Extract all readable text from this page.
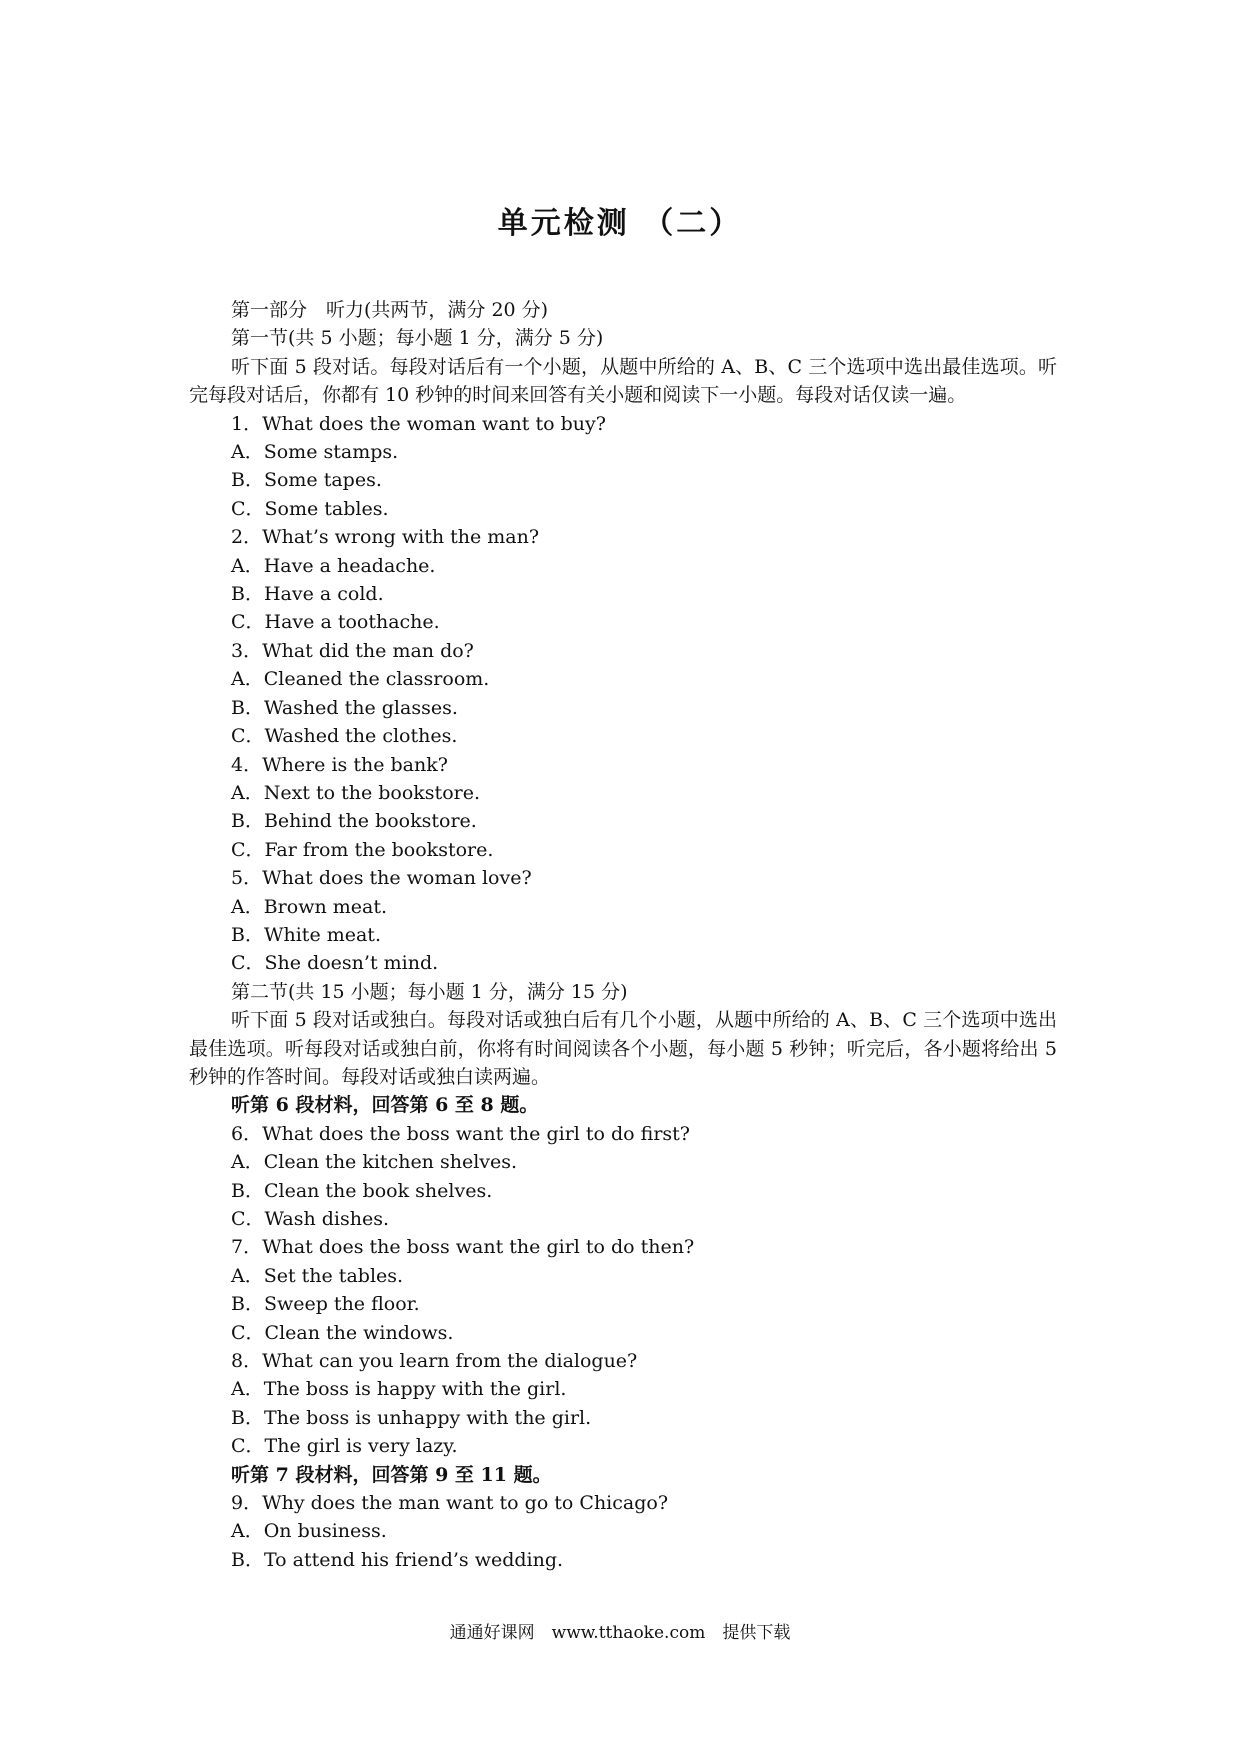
单元检测 （二）
第一部分　听力(共两节，满分 20 分)
第一节(共 5 小题；每小题 1 分，满分 5 分)
听下面 5 段对话。每段对话后有一个小题，从题中所给的 A、B、C 三个选项中选出最佳选项。听完每段对话后，你都有 10 秒钟的时间来回答有关小题和阅读下一小题。每段对话仅读一遍。
1．What does the woman want to buy?
A．Some stamps.
B．Some tapes.
C．Some tables.
2．What’s wrong with the man?
A．Have a headache.
B．Have a cold.
C．Have a toothache.
3．What did the man do?
A．Cleaned the classroom.
B．Washed the glasses.
C．Washed the clothes.
4．Where is the bank?
A．Next to the bookstore.
B．Behind the bookstore.
C．Far from the bookstore.
5．What does the woman love?
A．Brown meat.
B．White meat.
C．She doesn’t mind.
第二节(共 15 小题；每小题 1 分，满分 15 分)
听下面 5 段对话或独白。每段对话或独白后有几个小题，从题中所给的 A、B、C 三个选项中选出最佳选项。听每段对话或独白前，你将有时间阅读各个小题，每小题 5 秒钟；听完后，各小题将给出 5 秒钟的作答时间。每段对话或独白读两遍。
听第 6 段材料，回答第 6 至 8 题。
6．What does the boss want the girl to do first?
A．Clean the kitchen shelves.
B．Clean the book shelves.
C．Wash dishes.
7．What does the boss want the girl to do then?
A．Set the tables.
B．Sweep the floor.
C．Clean the windows.
8．What can you learn from the dialogue?
A．The boss is happy with the girl.
B．The boss is unhappy with the girl.
C．The girl is very lazy.
听第 7 段材料，回答第 9 至 11 题。
9．Why does the man want to go to Chicago?
A．On business.
B．To attend his friend’s wedding.
通通好课网　www.tthaoke.com　提供下载
